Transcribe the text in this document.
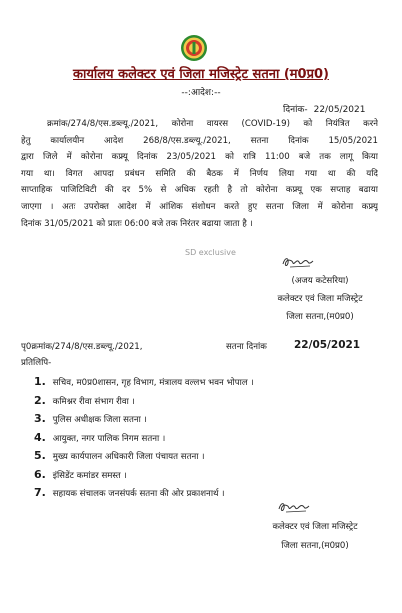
कार्यालय कलेक्टर एवं जिला मजिस्ट्रेट सतना (म0प्र0)
--:आदेश:--
दिनांक- 22/05/2021
क्रमांक/274/8/एस.डब्ल्यू./2021, कोरोना वायरस (COVID-19) को नियंत्रित करने
हेतु कार्यालयीन आदेश 268/8/एस.डब्ल्यू./2021, सतना दिनांक 15/05/2021
द्वारा जिले में कोरोना कफ्र्यू दिनांक 23/05/2021 को रात्रि 11:00 बजे तक लागू किया
गया था। विगत आपदा प्रबंधन समिति की बैठक में निर्णय लिया गया था की यदि
साप्ताहिक पाजिटिविटी की दर 5% से अधिक रहती है तो कोरोना कफ्र्यू एक सप्ताह बढाया
जाएगा । अतः उपरोक्त आदेश में आंशिक संशोधन करते हुए सतना जिला में कोरोना कफ्र्यू
दिनांक 31/05/2021 को प्रातः 06:00 बजे तक निरंतर बढाया जाता है ।
SD exclusive
(अजय कटेसरिया)
कलेक्टर एवं जिला मजिस्ट्रेट
जिला सतना,(म0प्र0)
पृ0क्रमांक/274/8/एस.डब्ल्यू./2021,	सतना दिनांक	22/05/2021
प्रतिलिपि-
1. सचिव, म0प्र0शासन, गृह विभाग, मंत्रालय वल्लभ भवन भोपाल ।
2. कमिश्नर रीवा संभाग रीवा ।
3. पुलिस अधीक्षक जिला सतना ।
4. आयुक्त, नगर पालिक निगम सतना ।
5. मुख्य कार्यपालन अधिकारी जिला पंचायत सतना ।
6. इंसिडेंट कमांडर समस्त ।
7. सहायक संचालक जनसंपर्क सतना की ओर प्रकाशनार्थ ।
कलेक्टर एवं जिला मजिस्ट्रेट
जिला सतना,(म0प्र0)
